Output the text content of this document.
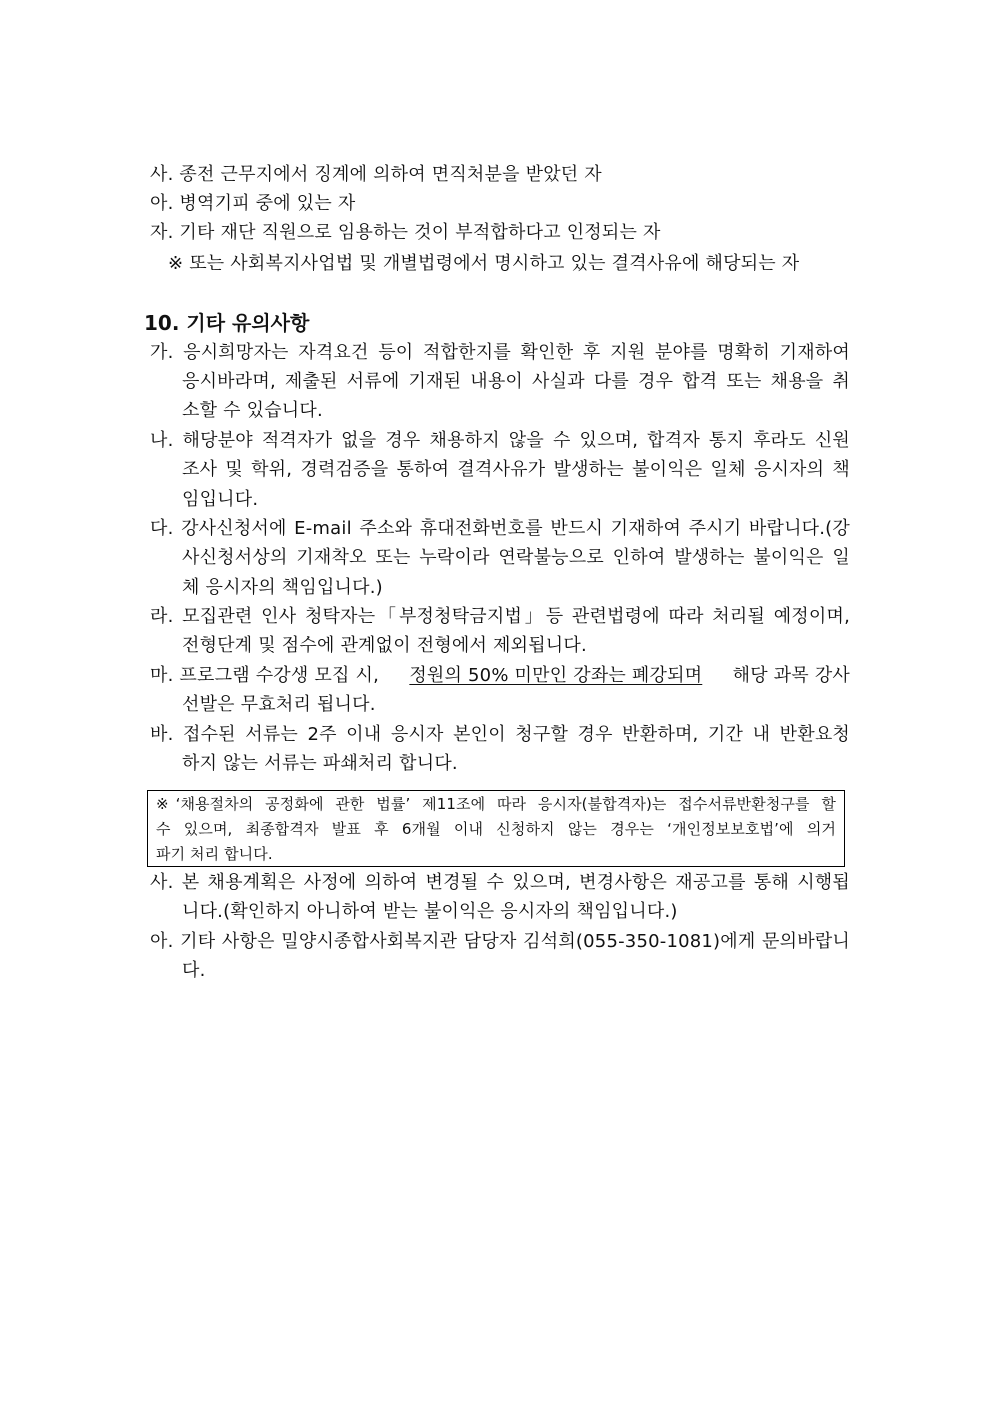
사. 종전 근무지에서 징계에 의하여 면직처분을 받았던 자
아. 병역기피 중에 있는 자
자. 기타 재단 직원으로 임용하는 것이 부적합하다고 인정되는 자
※ 또는 사회복지사업법 및 개별법령에서 명시하고 있는 결격사유에 해당되는 자
10. 기타 유의사항
가. 응시희망자는 자격요건 등이 적합한지를 확인한 후 지원 분야를 명확히 기재하여
응시바라며, 제출된 서류에 기재된 내용이 사실과 다를 경우 합격 또는 채용을 취
소할 수 있습니다.
나. 해당분야 적격자가 없을 경우 채용하지 않을 수 있으며, 합격자 통지 후라도 신원
조사 및 학위, 경력검증을 통하여 결격사유가 발생하는 불이익은 일체 응시자의 책
임입니다.
다. 강사신청서에 E-mail 주소와 휴대전화번호를 반드시 기재하여 주시기 바랍니다.(강
사신청서상의 기재착오 또는 누락이라 연락불능으로 인하여 발생하는 불이익은 일
체 응시자의 책임입니다.)
라. 모집관련 인사 청탁자는「부정청탁금지법」등 관련법령에 따라 처리될 예정이며,
전형단계 및 점수에 관계없이 전형에서 제외됩니다.
마. 프로그램 수강생 모집 시, 정원의 50% 미만인 강좌는 폐강되며 해당 과목 강사
선발은 무효처리 됩니다.
바. 접수된 서류는 2주 이내 응시자 본인이 청구할 경우 반환하며, 기간 내 반환요청
하지 않는 서류는 파쇄처리 합니다.
※‘채용절차의 공정화에 관한 법률’ 제11조에 따라 응시자(불합격자)는 접수서류반환청구를 할
수 있으며, 최종합격자 발표 후 6개월 이내 신청하지 않는 경우는 ‘개인정보보호법’에 의거
파기 처리 합니다.
사. 본 채용계획은 사정에 의하여 변경될 수 있으며, 변경사항은 재공고를 통해 시행됩
니다.(확인하지 아니하여 받는 불이익은 응시자의 책임입니다.)
아. 기타 사항은 밀양시종합사회복지관 담당자 김석희(055-350-1081)에게 문의바랍니
다.
